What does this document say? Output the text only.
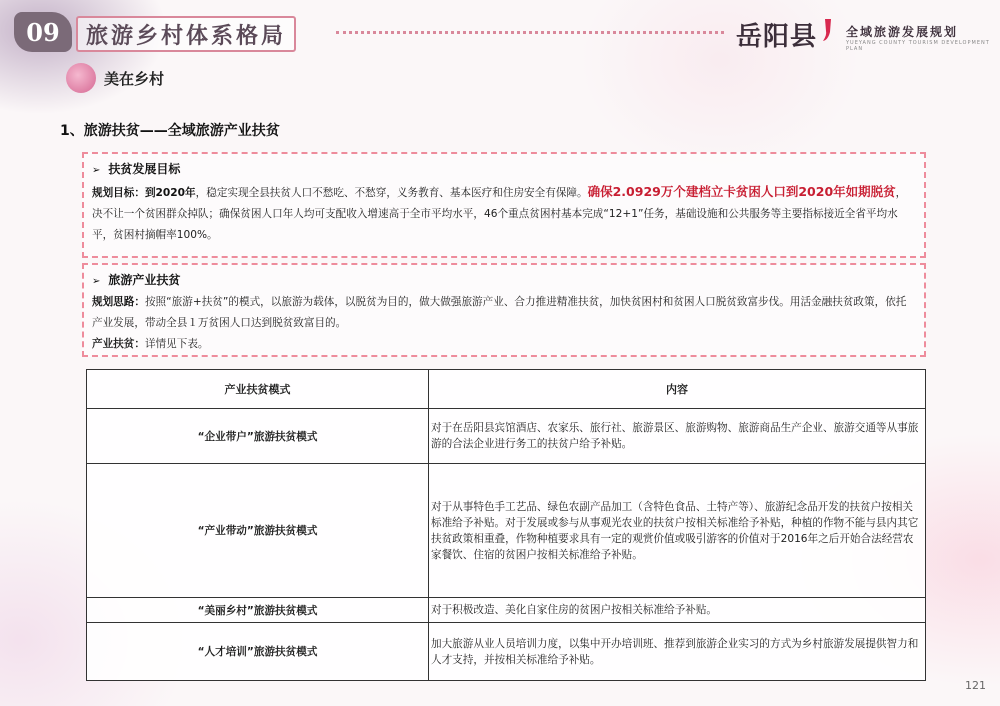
09	旅游乡村体系格局	岳阳县 全域旅游发展规划
YUEYANG COUNTY TOURISM DEVELOPMENT PLAN
美在乡村
1、旅游扶贫——全域旅游产业扶贫
➢ 扶贫发展目标
规划目标：到2020年，稳定实现全县扶贫人口不愁吃、不愁穿，义务教育、基本医疗和住房安全有保障。确保2.0929万个建档立卡贫困人口到2020年如期脱贫，决不让一个贫困群众掉队；确保贫困人口年人均可支配收入增速高于全市平均水平，46个重点贫困村基本完成“12+1”任务，基础设施和公共服务等主要指标接近全省平均水平，贫困村摘帽率100%。
➢ 旅游产业扶贫
规划思路：按照“旅游+扶贫”的模式，以旅游为载体，以脱贫为目的，做大做强旅游产业、合力推进精准扶贫，加快贫困村和贫困人口脱贫致富步伐。用活金融扶贫政策，依托产业发展，带动全县１万贫困人口达到脱贫致富目的。
产业扶贫：详情见下表。
产业扶贫模式	内容
“企业带户”旅游扶贫模式	对于在岳阳县宾馆酒店、农家乐、旅行社、旅游景区、旅游购物、旅游商品生产企业、旅游交通等从事旅游的合法企业进行务工的扶贫户给予补贴。
“产业带动”旅游扶贫模式	对于从事特色手工艺品、绿色农副产品加工（含特色食品、土特产等）、旅游纪念品开发的扶贫户按相关标准给予补贴。对于发展或参与从事观光农业的扶贫户按相关标准给予补贴，种植的作物不能与县内其它扶贫政策相重叠，作物种植要求具有一定的观赏价值或吸引游客的价值对于2016年之后开始合法经营农家餐饮、住宿的贫困户按相关标准给予补贴。
“美丽乡村”旅游扶贫模式	对于积极改造、美化自家住房的贫困户按相关标准给予补贴。
“人才培训”旅游扶贫模式	加大旅游从业人员培训力度，以集中开办培训班、推荐到旅游企业实习的方式为乡村旅游发展提供智力和人才支持，并按相关标准给予补贴。
121
